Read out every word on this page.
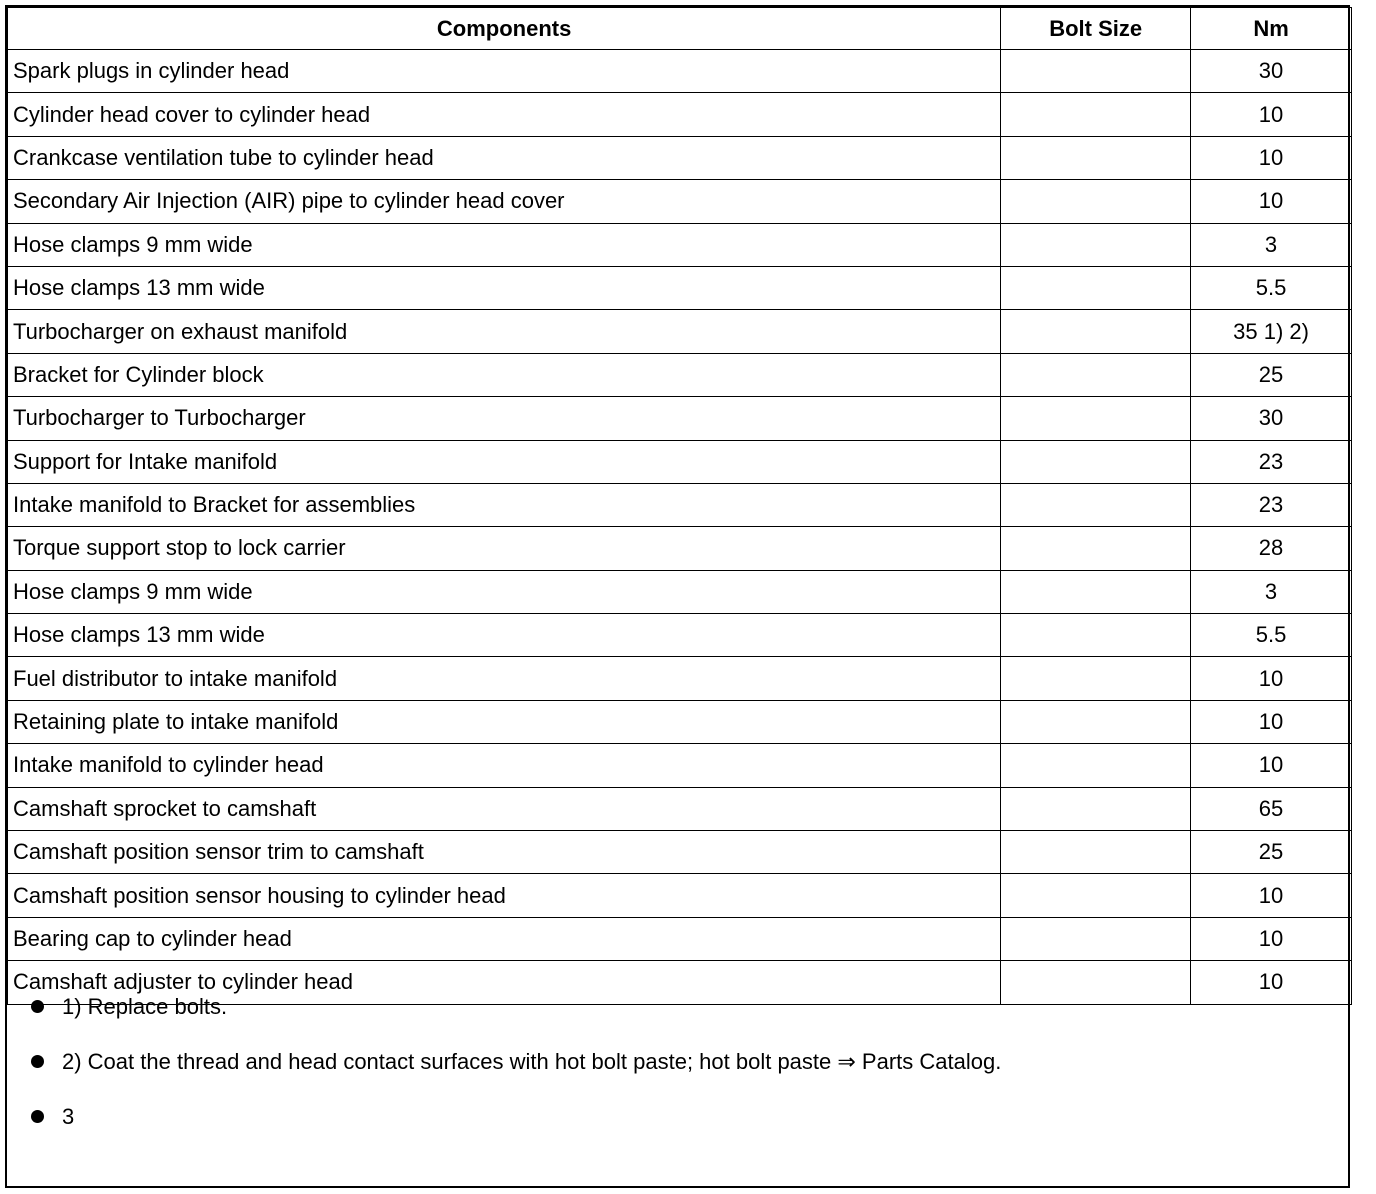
Components	Bolt Size	Nm
Spark plugs in cylinder head		30
Cylinder head cover to cylinder head		10
Crankcase ventilation tube to cylinder head		10
Secondary Air Injection (AIR) pipe to cylinder head cover		10
Hose clamps 9 mm wide		3
Hose clamps 13 mm wide		5.5
Turbocharger on exhaust manifold		35 1) 2)
Bracket for Cylinder block		25
Turbocharger to Turbocharger		30
Support for Intake manifold		23
Intake manifold to Bracket for assemblies		23
Torque support stop to lock carrier		28
Hose clamps 9 mm wide		3
Hose clamps 13 mm wide		5.5
Fuel distributor to intake manifold		10
Retaining plate to intake manifold		10
Intake manifold to cylinder head		10
Camshaft sprocket to camshaft		65
Camshaft position sensor trim to camshaft		25
Camshaft position sensor housing to cylinder head		10
Bearing cap to cylinder head		10
Camshaft adjuster to cylinder head		10
1) Replace bolts.
2) Coat the thread and head contact surfaces with hot bolt paste; hot bolt paste ⇒ Parts Catalog.
3
